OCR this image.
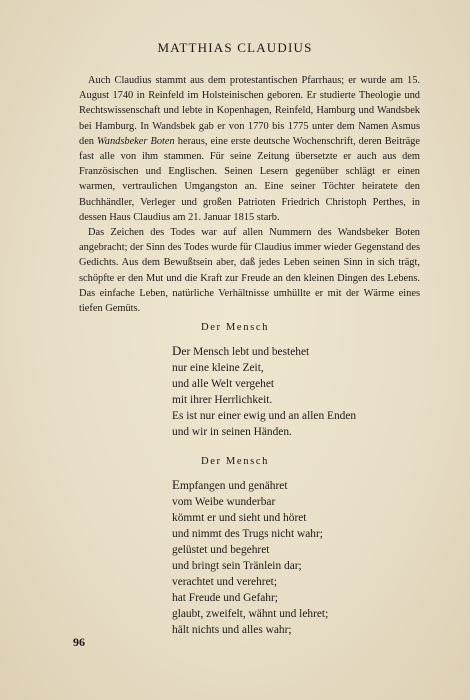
MATTHIAS CLAUDIUS

Auch Claudius stammt aus dem protestantischen Pfarrhaus; er wurde am 15. August 1740 in Reinfeld im Holsteinischen geboren. Er studierte Theologie und Rechtswissenschaft und lebte in Kopenhagen, Reinfeld, Hamburg und Wandsbek bei Hamburg. In Wandsbek gab er von 1770 bis 1775 unter dem Namen Asmus den Wandsbeker Boten heraus, eine erste deutsche Wochenschrift, deren Beiträge fast alle von ihm stammen. Für seine Zeitung übersetzte er auch aus dem Französischen und Englischen. Seinen Lesern gegenüber schlägt er einen warmen, vertraulichen Umgangston an. Eine seiner Töchter heiratete den Buchhändler, Verleger und großen Patrioten Friedrich Christoph Perthes, in dessen Haus Claudius am 21. Januar 1815 starb.

Das Zeichen des Todes war auf allen Nummern des Wandsbeker Boten angebracht; der Sinn des Todes wurde für Claudius immer wieder Gegenstand des Gedichts. Aus dem Bewußtsein aber, daß jedes Leben seinen Sinn in sich trägt, schöpfte er den Mut und die Kraft zur Freude an den kleinen Dingen des Lebens. Das einfache Leben, natürliche Verhältnisse umhüllte er mit der Wärme eines tiefen Gemüts.

Der Mensch
Der Mensch lebt und bestehet
nur eine kleine Zeit,
und alle Welt vergehet
mit ihrer Herrlichkeit.
Es ist nur einer ewig und an allen Enden
und wir in seinen Händen.
Der Mensch
Empfangen und genähret
vom Weibe wunderbar
kömmt er und sieht und höret
und nimmt des Trugs nicht wahr;
gelüstet und begehret
und bringt sein Tränlein dar;
verachtet und verehret;
hat Freude und Gefahr;
glaubt, zweifelt, wähnt und lehret;
hält nichts und alles wahr;
96
